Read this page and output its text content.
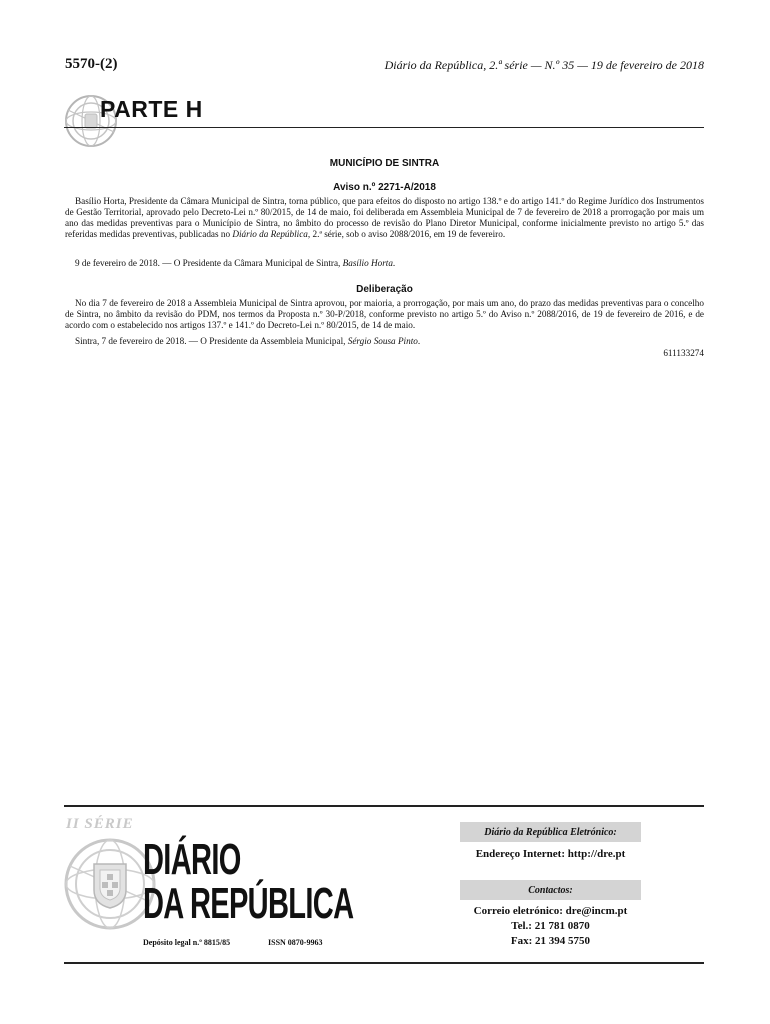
5570-(2)	Diário da República, 2.ª série — N.º 35 — 19 de fevereiro de 2018
PARTE H
MUNICÍPIO DE SINTRA
Aviso n.º 2271-A/2018
Basílio Horta, Presidente da Câmara Municipal de Sintra, torna público, que para efeitos do disposto no artigo 138.º e do artigo 141.º do Regime Jurídico dos Instrumentos de Gestão Territorial, aprovado pelo Decreto-Lei n.º 80/2015, de 14 de maio, foi deliberada em Assembleia Municipal de 7 de fevereiro de 2018 a prorrogação por mais um ano das medidas preventivas para o Município de Sintra, no âmbito do processo de revisão do Plano Diretor Municipal, conforme inicialmente previsto no artigo 5.º das referidas medidas preventivas, publicadas no Diário da República, 2.ª série, sob o aviso 2088/2016, em 19 de fevereiro.
9 de fevereiro de 2018. — O Presidente da Câmara Municipal de Sintra, Basílio Horta.
Deliberação
No dia 7 de fevereiro de 2018 a Assembleia Municipal de Sintra aprovou, por maioria, a prorrogação, por mais um ano, do prazo das medidas preventivas para o concelho de Sintra, no âmbito da revisão do PDM, nos termos da Proposta n.º 30-P/2018, conforme previsto no artigo 5.º do Aviso n.º 2088/2016, de 19 de fevereiro de 2016, e de acordo com o estabelecido nos artigos 137.º e 141.º do Decreto-Lei n.º 80/2015, de 14 de maio.
Sintra, 7 de fevereiro de 2018. — O Presidente da Assembleia Municipal, Sérgio Sousa Pinto.
611133274
II SÉRIE
DIÁRIO
DA REPÚBLICA
Depósito legal n.º 8815/85	ISSN 0870-9963
Diário da República Eletrónico:
Endereço Internet: http://dre.pt
Contactos:
Correio eletrónico: dre@incm.pt
Tel.: 21 781 0870
Fax: 21 394 5750
